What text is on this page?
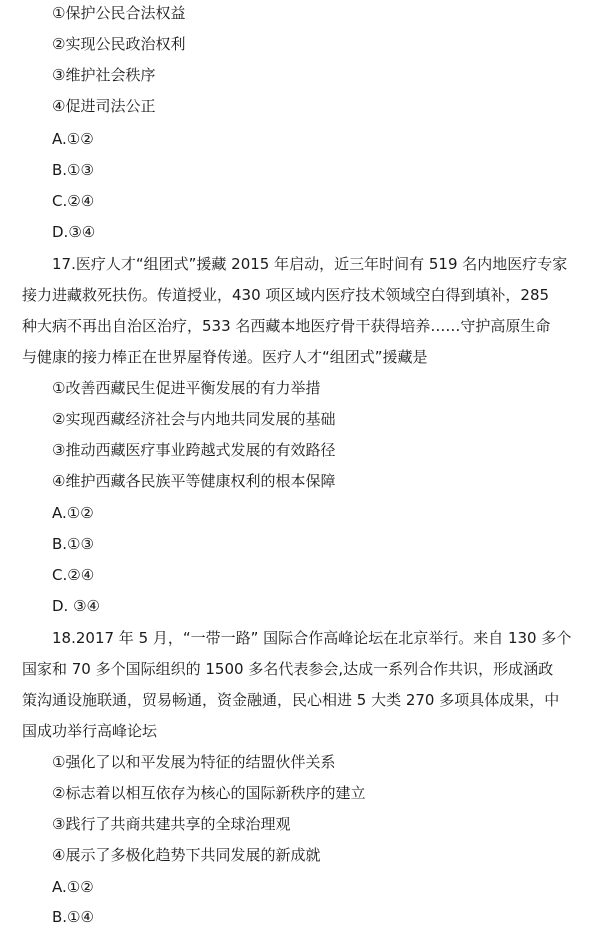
①保护公民合法权益
②实现公民政治权利
③维护社会秩序
④促进司法公正
A.①②
B.①③
C.②④
D.③④
17.医疗人才“组团式”援藏 2015 年启动，近三年时间有 519 名内地医疗专家
接力进藏救死扶伤。传道授业，430 项区域内医疗技术领域空白得到填补，285
种大病不再出自治区治疗，533 名西藏本地医疗骨干获得培养……守护高原生命
与健康的接力棒正在世界屋脊传递。医疗人才“组团式”援藏是
①改善西藏民生促进平衡发展的有力举措
②实现西藏经济社会与内地共同发展的基础
③推动西藏医疗事业跨越式发展的有效路径
④维护西藏各民族平等健康权利的根本保障
A.①②
B.①③
C.②④
D. ③④
18.2017 年 5 月，“一带一路” 国际合作高峰论坛在北京举行。来自 130 多个
国家和 70 多个国际组织的 1500 多名代表参会,达成一系列合作共识，形成涵政
策沟通设施联通，贸易畅通，资金融通，民心相进 5 大类 270 多项具体成果，中
国成功举行高峰论坛
①强化了以和平发展为特征的结盟伙伴关系
②标志着以相互依存为核心的国际新秩序的建立
③践行了共商共建共享的全球治理观
④展示了多极化趋势下共同发展的新成就
A.①②
B.①④
